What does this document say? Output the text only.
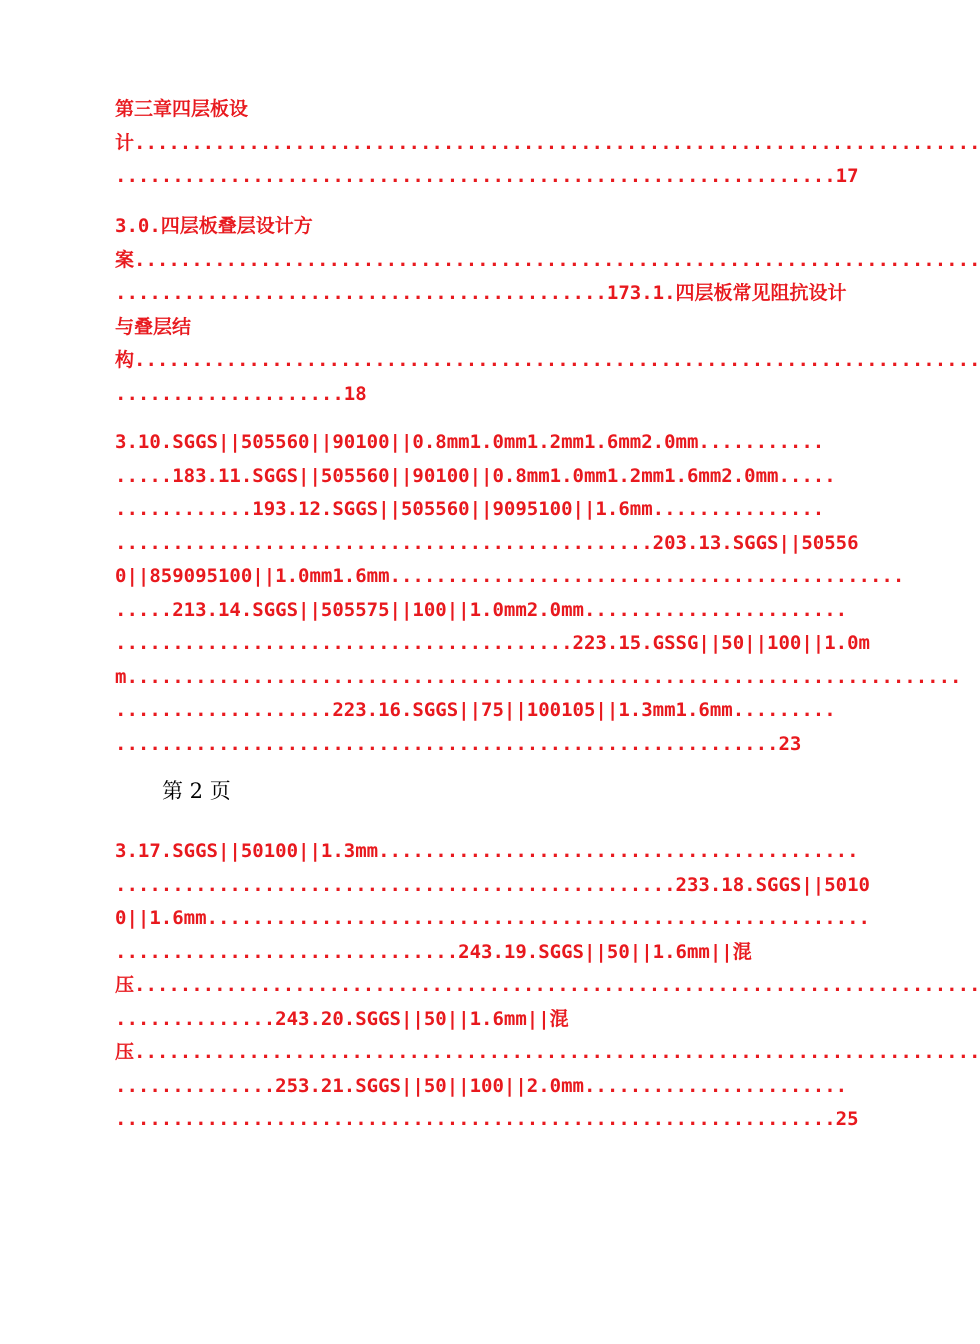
第三章四层板设
计..........................................................................
...............................................................17
3.0.四层板叠层设计方
案..........................................................................
...........................................173.1.四层板常见阻抗设计
与叠层结
构..........................................................................
....................18
3.10.SGGS||505560||90100||0.8mm1.0mm1.2mm1.6mm2.0mm...........
.....183.11.SGGS||505560||90100||0.8mm1.0mm1.2mm1.6mm2.0mm.....
............193.12.SGGS||505560||9095100||1.6mm...............
...............................................203.13.SGGS||50556
0||859095100||1.0mm1.6mm.............................................
.....213.14.SGGS||505575||100||1.0mm2.0mm.......................
........................................223.15.GSSG||50||100||1.0m
m.........................................................................
...................223.16.SGGS||75||100105||1.3mm1.6mm.........
..........................................................23
第 2 页
3.17.SGGS||50100||1.3mm..........................................
.................................................233.18.SGGS||5010
0||1.6mm..........................................................
..............................243.19.SGGS||50||1.6mm||混
压..........................................................................
..............243.20.SGGS||50||1.6mm||混
压..........................................................................
..............253.21.SGGS||50||100||2.0mm.......................
...............................................................25
